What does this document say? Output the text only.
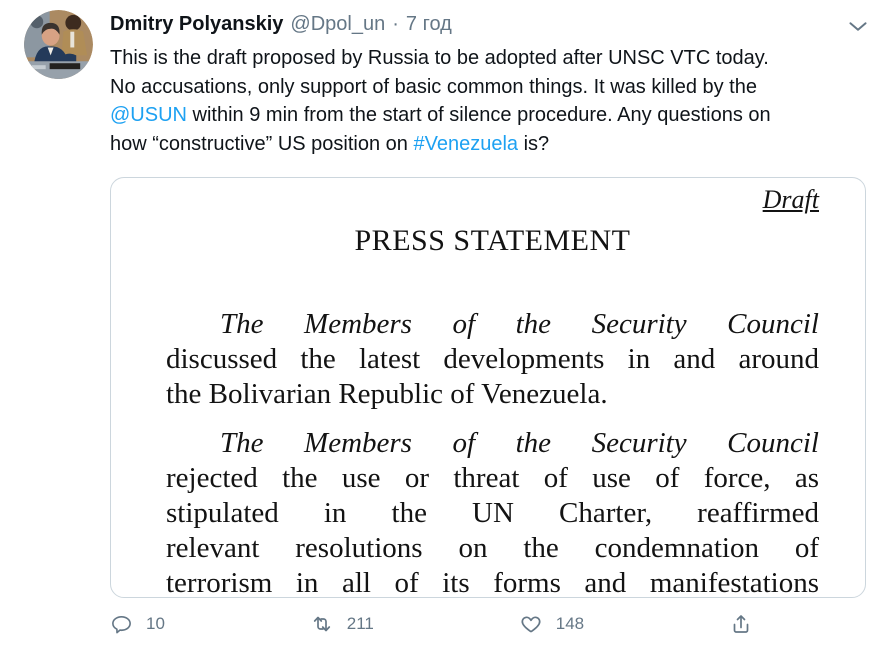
Dmitry Polyanskiy @Dpol_un · 7 год
This is the draft proposed by Russia to be adopted after UNSC VTC today.
No accusations, only support of basic common things. It was killed by the
@USUN within 9 min from the start of silence procedure. Any questions on
how “constructive” US position on #Venezuela is?
Draft
PRESS STATEMENT
The Members of the Security Council
discussed the latest developments in and around
the Bolivarian Republic of Venezuela.
The Members of the Security Council
rejected the use or threat of use of force, as
stipulated in the UN Charter, reaffirmed
relevant resolutions on the condemnation of
terrorism in all of its forms and manifestations
10	211	148
